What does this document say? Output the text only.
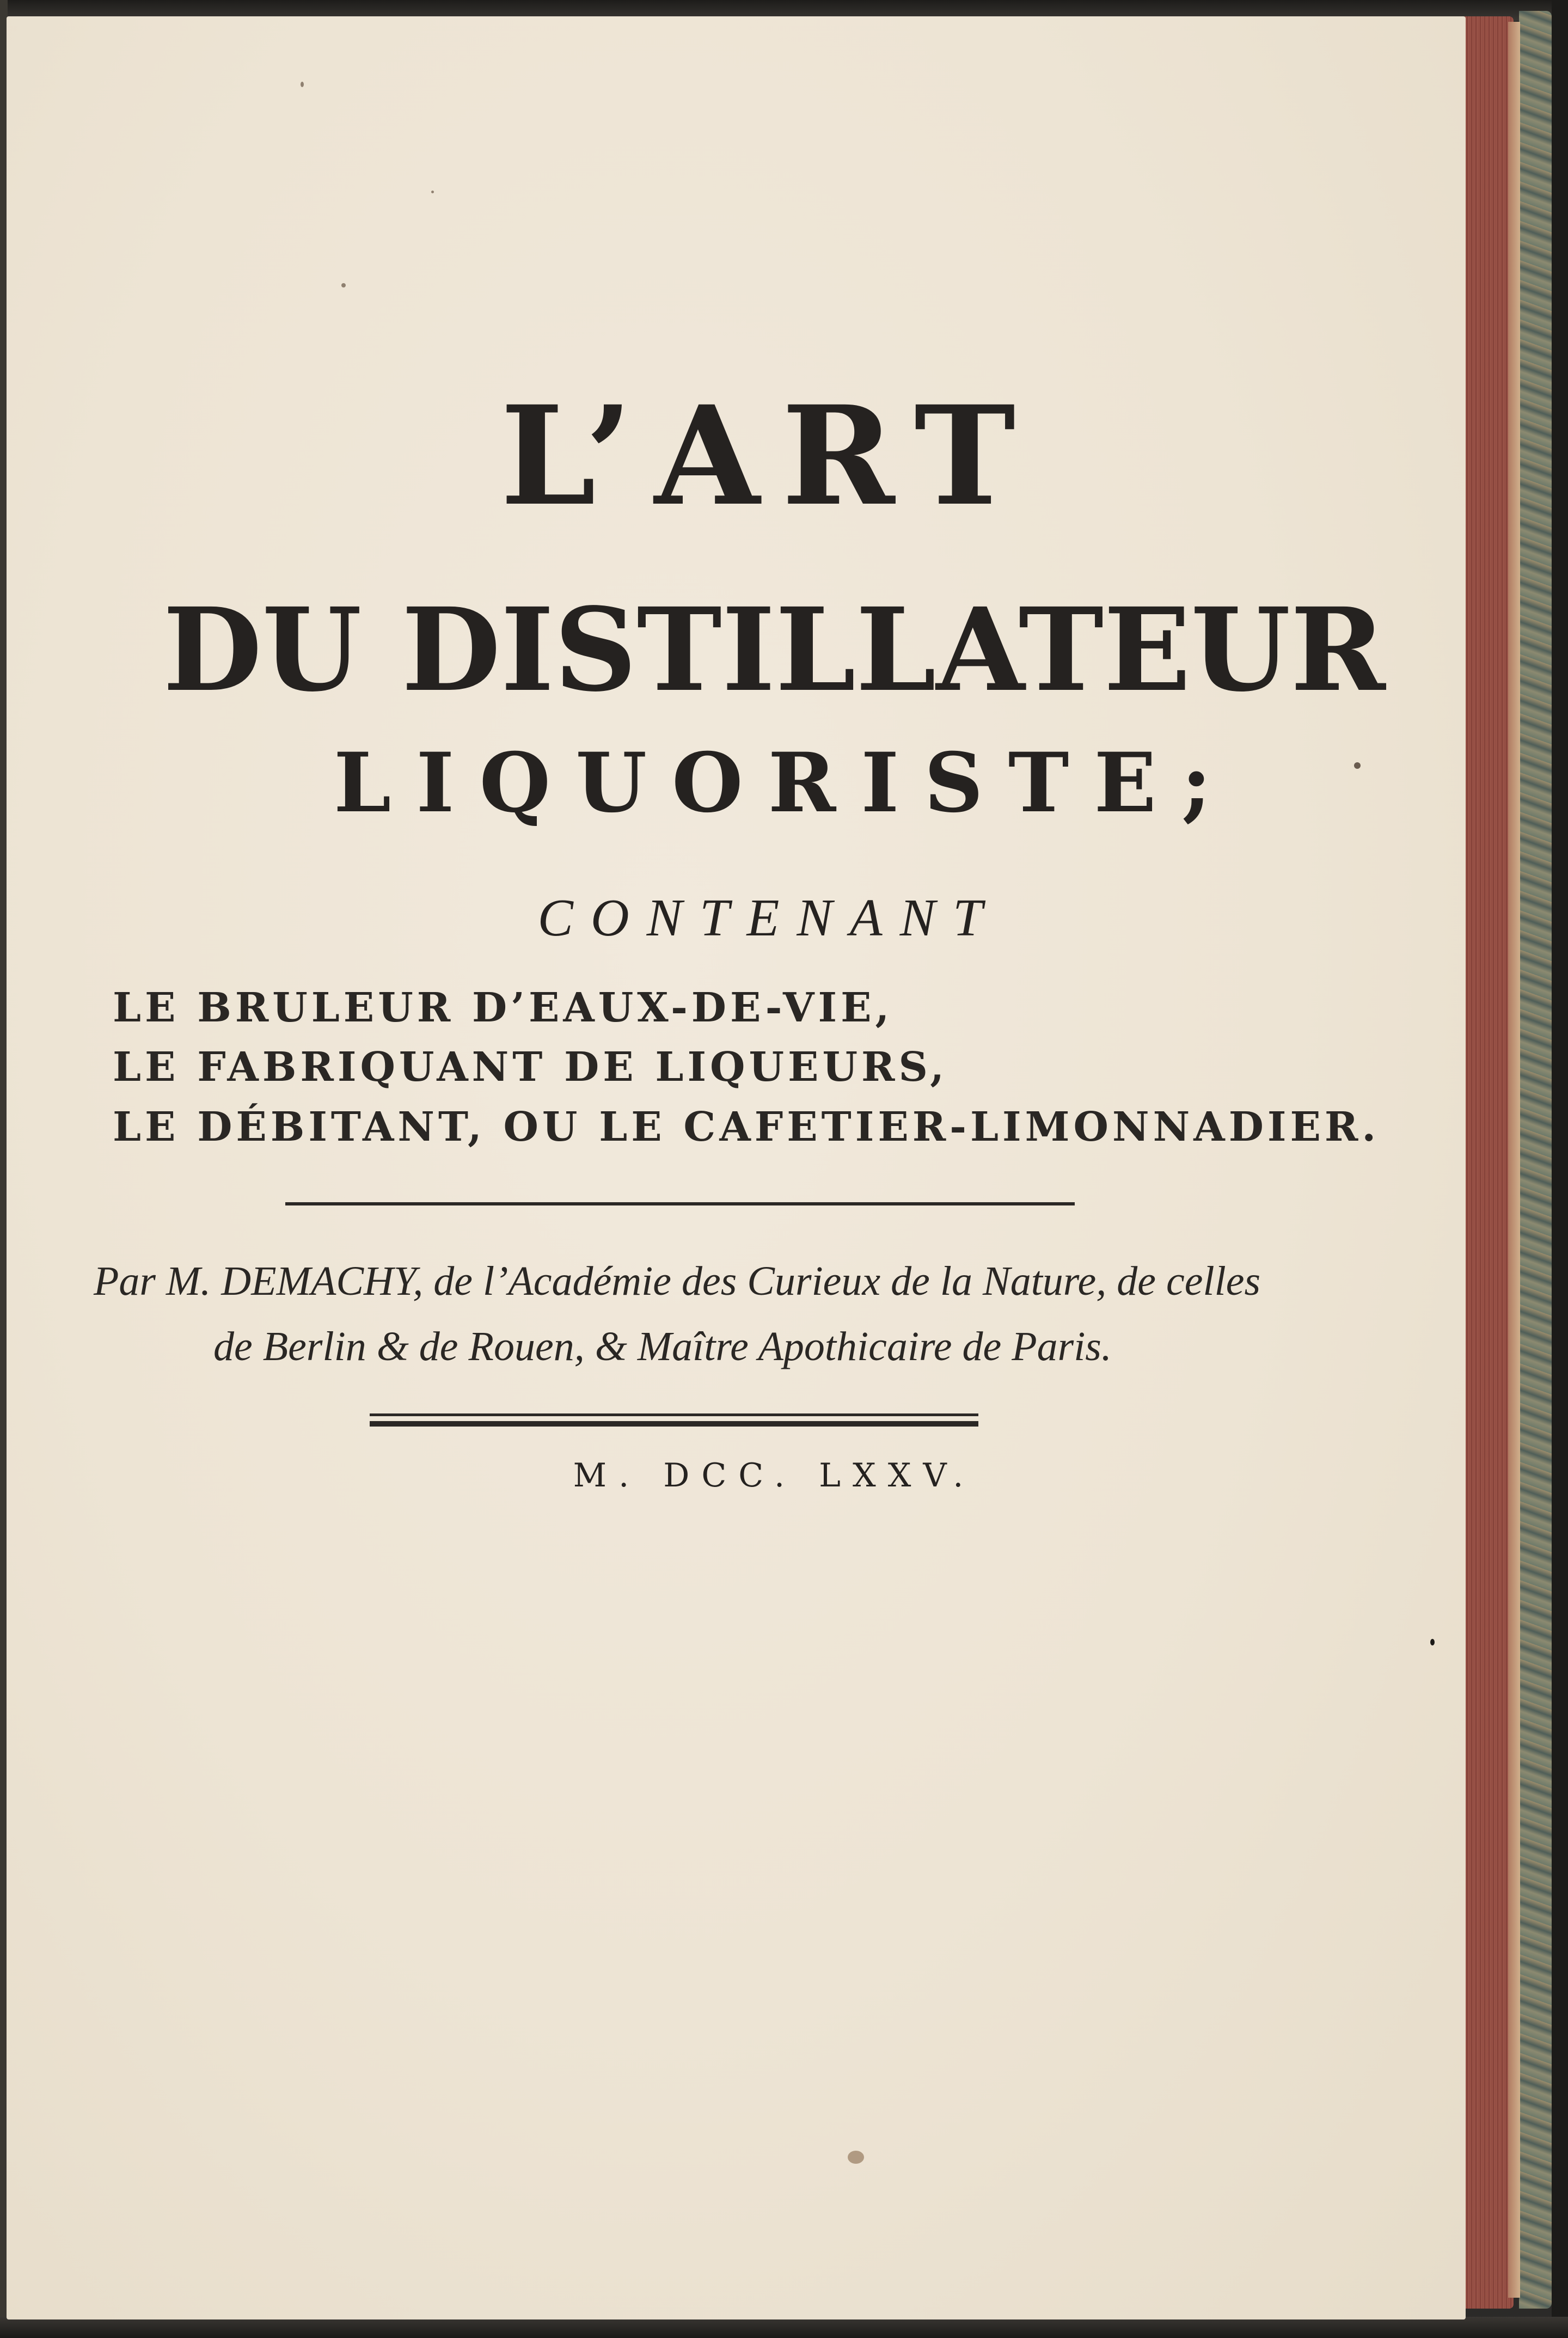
L’ART
DU DISTILLATEUR
LIQUORISTE;
CONTENANT
LE BRULEUR D’EAUX-DE-VIE,
LE FABRIQUANT DE LIQUEURS,
LE DÉBITANT, OU LE CAFETIER-LIMONNADIER.
Par M. DEMACHY, de l’Académie des Curieux de la Nature, de celles
de Berlin & de Rouen, & Maître Apothicaire de Paris.
M. DCC. LXXV.
